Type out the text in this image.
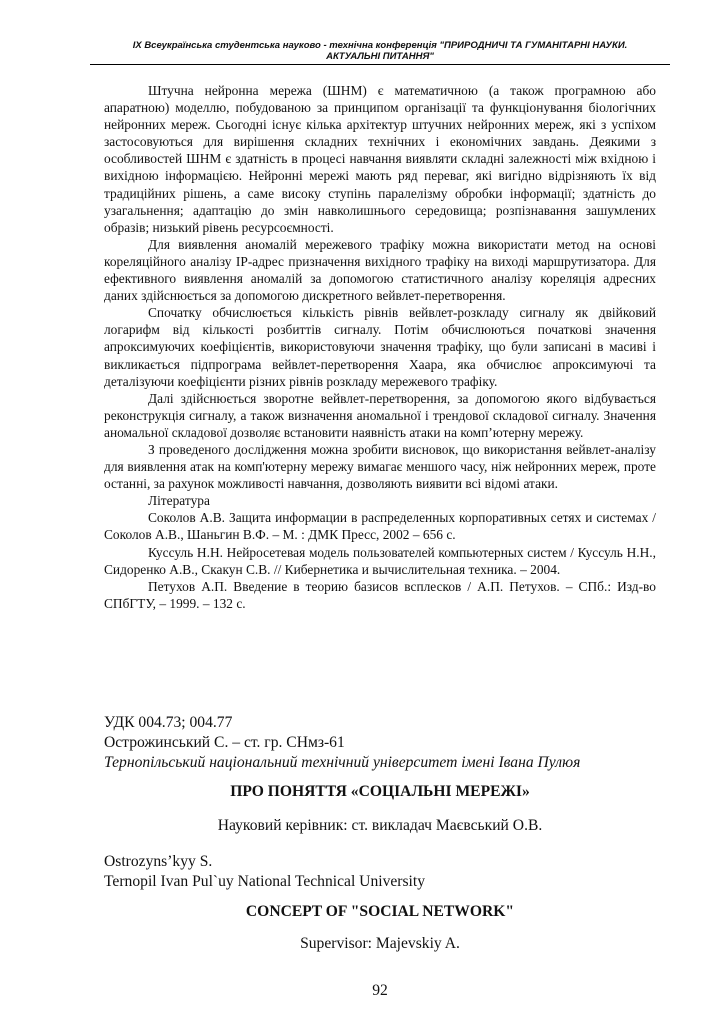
IX Всеукраїнська студентська науково - технічна конференція "ПРИРОДНИЧІ ТА ГУМАНІТАРНІ НАУКИ.
АКТУАЛЬНІ ПИТАННЯ"

Штучна нейронна мережа (ШНМ) є математичною (а також програмною або апаратною) моделлю, побудованою за принципом організації та функціонування біологічних нейронних мереж. Сьогодні існує кілька архітектур штучних нейронних мереж, які з успіхом застосовуються для вирішення складних технічних і економічних завдань. Деякими з особливостей ШНМ є здатність в процесі навчання виявляти складні залежності між вхідною і вихідною інформацією. Нейронні мережі мають ряд переваг, які вигідно відрізняють їх від традиційних рішень, а саме високу ступінь паралелізму обробки інформації; здатність до узагальнення; адаптацію до змін навколишнього середовища; розпізнавання зашумлених образів; низький рівень ресурсоємності.

Для виявлення аномалій мережевого трафіку можна використати метод на основі кореляційного аналізу IP-адрес призначення вихідного трафіку на виході маршрутизатора. Для ефективного виявлення аномалій за допомогою статистичного аналізу кореляція адресних даних здійснюється за допомогою дискретного вейвлет-перетворення.

Спочатку обчислюється кількість рівнів вейвлет-розкладу сигналу як двійковий логарифм від кількості розбиттів сигналу. Потім обчислюються початкові значення апроксимуючих коефіцієнтів, використовуючи значення трафіку, що були записані в масиві і викликається підпрограма вейвлет-перетворення Хаара, яка обчислює апроксимуючі та деталізуючи коефіцієнти різних рівнів розкладу мережевого трафіку.

Далі здійснюється зворотне вейвлет-перетворення, за допомогою якого відбувається реконструкція сигналу, а також визначення аномальної і трендової складової сигналу. Значення аномальної складової дозволяє встановити наявність атаки на комп’ютерну мережу.

З проведеного дослідження можна зробити висновок, що використання вейвлет-аналізу для виявлення атак на комп'ютерну мережу вимагає меншого часу, ніж нейронних мереж, проте останні, за рахунок можливості навчання, дозволяють виявити всі відомі атаки.

Література

Соколов А.В. Защита информации в распределенных корпоративных сетях и системах / Соколов А.В., Шаньгин В.Ф. – М. : ДМК Пресс, 2002 – 656 с.

Куссуль Н.Н. Нейросетевая модель пользователей компьютерных систем / Куссуль Н.Н., Сидоренко А.В., Скакун С.В. // Кибернетика и вычислительная техника. – 2004.

Петухов А.П. Введение в теорию базисов всплесков / А.П. Петухов. – СПб.: Изд-во СПбГТУ, – 1999. – 132 с.

УДК 004.73; 004.77
Острожинський С. – ст. гр. СНмз-61
Тернопільський національний технічний університет імені Івана Пулюя
ПРО ПОНЯТТЯ «СОЦІАЛЬНІ МЕРЕЖІ»
Науковий керівник: ст. викладач Маєвський О.В.
Ostrozyns’kyy S.
Ternopil Ivan Pul`uy National Technical University
CONCEPT OF "SOCIAL NETWORK"
Supervisor: Majevskiy A.
92
